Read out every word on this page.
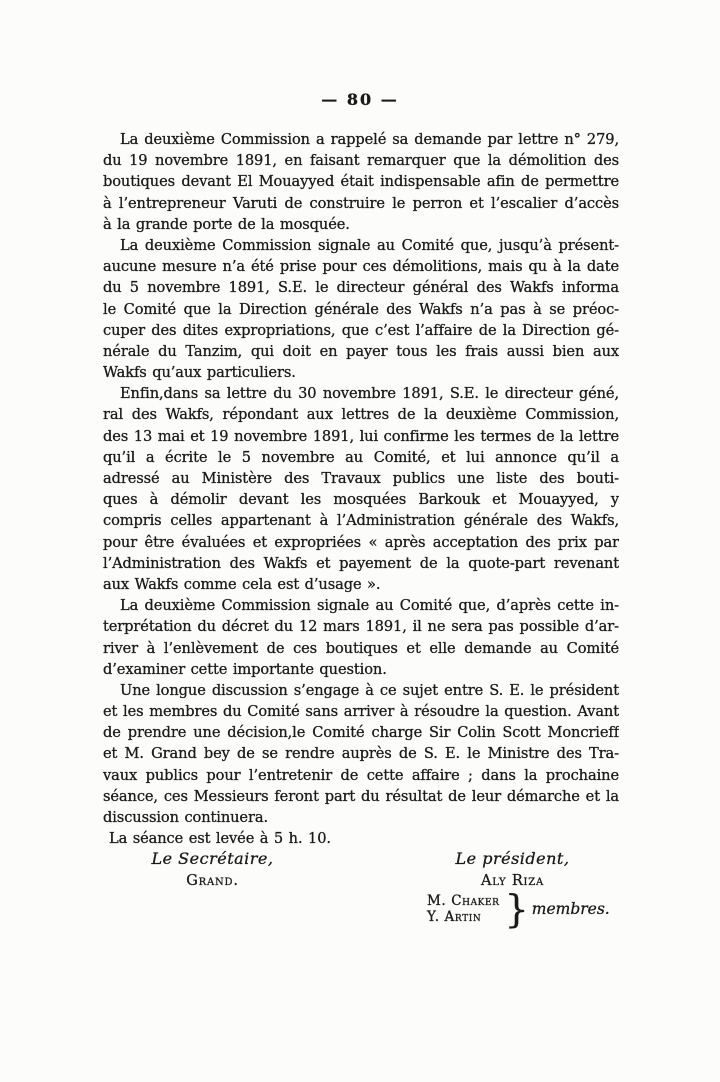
— 80 —
La deuxième Commission a rappelé sa demande par lettre n° 279,
du 19 novembre 1891, en faisant remarquer que la démolition des
boutiques devant El Mouayyed était indispensable afin de permettre
à l’entrepreneur Varuti de construire le perron et l’escalier d’accès
à la grande porte de la mosquée.
La deuxième Commission signale au Comité que, jusqu’à présent-
aucune mesure n’a été prise pour ces démolitions, mais qu à la date
du 5 novembre 1891, S.E. le directeur général des Wakfs informa
le Comité que la Direction générale des Wakfs n’a pas à se préoc-
cuper des dites expropriations, que c’est l’affaire de la Direction gé-
nérale du Tanzim, qui doit en payer tous les frais aussi bien aux
Wakfs qu’aux particuliers.
Enfin,dans sa lettre du 30 novembre 1891, S.E. le directeur géné,
ral des Wakfs, répondant aux lettres de la deuxième Commission,
des 13 mai et 19 novembre 1891, lui confirme les termes de la lettre
qu’il a écrite le 5 novembre au Comité, et lui annonce qu’il a
adressé au Ministère des Travaux publics une liste des bouti-
ques à démolir devant les mosquées Barkouk et Mouayyed, y
compris celles appartenant à l’Administration générale des Wakfs,
pour être évaluées et expropriées « après acceptation des prix par
l’Administration des Wakfs et payement de la quote-part revenant
aux Wakfs comme cela est d’usage ».
La deuxième Commission signale au Comité que, d’après cette in-
terprétation du décret du 12 mars 1891, il ne sera pas possible d’ar-
river à l’enlèvement de ces boutiques et elle demande au Comité
d’examiner cette importante question.
Une longue discussion s’engage à ce sujet entre S. E. le président
et les membres du Comité sans arriver à résoudre la question. Avant
de prendre une décision,le Comité charge Sir Colin Scott Moncrieff
et M. Grand bey de se rendre auprès de S. E. le Ministre des Tra-
vaux publics pour l’entretenir de cette affaire ; dans la prochaine
séance, ces Messieurs feront part du résultat de leur démarche et la
discussion continuera.
La séance est levée à 5 h. 10.
Le Secrétaire,
Grand.
Le président,
Aly Riza
M. Chaker
Y. Artin } membres.
